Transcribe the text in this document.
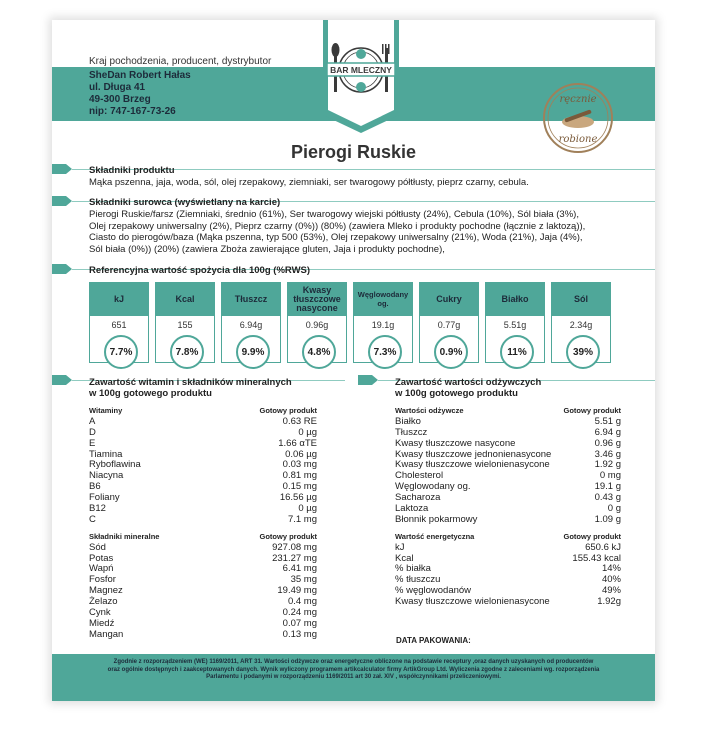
Kraj pochodzenia, producent, dystrybutor
SheDan Robert Hałas
ul. Długa 41
49-300 Brzeg
nip: 747-167-73-26
BAR MLECZNY
ręcznie
robione
Pierogi Ruskie
Składniki produktu
Mąka pszenna, jaja, woda, sól, olej rzepakowy, ziemniaki, ser twarogowy półtłusty, pieprz czarny, cebula.
Składniki surowca (wyświetlany na karcie)
Pierogi Ruskie/farsz (Ziemniaki, średnio (61%), Ser twarogowy wiejski półtłusty (24%), Cebula (10%), Sól biała (3%),
Olej rzepakowy uniwersalny (2%), Pieprz czarny (0%)) (80%) (zawiera Mleko i produkty pochodne (łącznie z laktozą)),
Ciasto do pierogów/baza (Mąka pszenna, typ 500 (53%), Olej rzepakowy uniwersalny (21%), Woda (21%), Jaja (4%),
Sól biała (0%)) (20%) (zawiera Zboża zawierające gluten, Jaja i produkty pochodne),
Referencyjna wartość spożycia dla 100g (%RWS)
kJ
651
7.7%
Kcal
155
7.8%
Tłuszcz
6.94g
9.9%
Kwasy tłuszczowe nasycone
0.96g
4.8%
Węglowodany og.
19.1g
7.3%
Cukry
0.77g
0.9%
Białko
5.51g
11%
Sól
2.34g
39%
Zawartość witamin i składników mineralnych
w 100g gotowego produktu
Witaminy	Gotowy produkt
A	0.63 RE
D	0 µg
E	1.66 αTE
Tiamina	0.06 µg
Ryboflawina	0.03 mg
Niacyna	0.81 mg
B6	0.15 mg
Foliany	16.56 µg
B12	0 µg
C	7.1 mg
Składniki mineralne	Gotowy produkt
Sód	927.08 mg
Potas	231.27 mg
Wapń	6.41 mg
Fosfor	35 mg
Magnez	19.49 mg
Żelazo	0.4 mg
Cynk	0.24 mg
Miedź	0.07 mg
Mangan	0.13 mg
Zawartość wartości odżywczych
w 100g gotowego produktu
Wartości odżywcze	Gotowy produkt
Białko	5.51 g
Tłuszcz	6.94 g
Kwasy tłuszczowe nasycone	0.96 g
Kwasy tłuszczowe jednonienasycone	3.46 g
Kwasy tłuszczowe wielonienasycone	1.92 g
Cholesterol	0 mg
Węglowodany og.	19.1 g
Sacharoza	0.43 g
Laktoza	0 g
Błonnik pokarmowy	1.09 g
Wartość energetyczna	Gotowy produkt
kJ	650.6 kJ
Kcal	155.43 kcal
% białka	14%
% tłuszczu	40%
% węglowodanów	49%
Kwasy tłuszczowe wielonienasycone	1.92g
DATA PAKOWANIA:
Zgodnie z rozporządzeniem (WE) 1169/2011, ART 31. Wartości odżywcze oraz energetyczne obliczone na podstawie receptury ,oraz danych uzyskanych od producentów
oraz ogólnie dostępnych i zaakceptowanych danych. Wynik wyliczony programem artikcalculator firmy ArtikGroup Ltd. Wyliczenia zgodne z zaleceniami wg. rozporządzenia
Parlamentu i podanymi w rozporządzeniu 1169/2011 art 30 zał. XIV , współczynnikami przeliczeniowymi.
